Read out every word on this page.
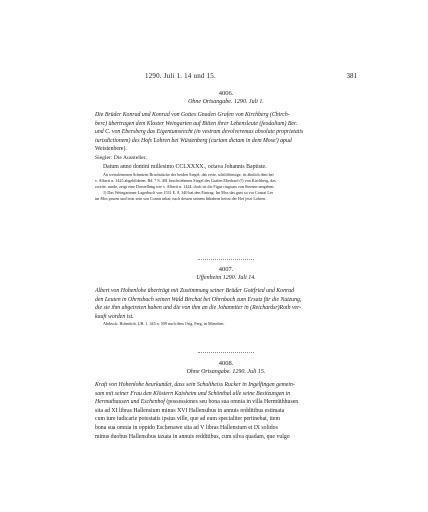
1290. Juli 1. 14 und 15.	381
4006.
Ohne Ortsangabe. 1290. Juli 1.

Die Brüder Konrad und Konrad von Gottes Gnaden Grafen von Kirchberg (Chirch-

berc) übertragen dem Kloster Weingarten auf Bitten ihrer Lehensleute (feodalium) Ber.

und C. von Ebersberg das Eigentumsrecht (in vestram devolveremus absolute proprietatis

iurisdictionem) des Hofs Lohren bei Wüstenberg (curiam dictam in dem Mose') apud

Weistenbere).

Siegler: Die Aussteller.

Datum anno domini millesimo CCLXXXX., octava Johannis Baptiste.

An weissleinenen Schnüren Bruchstücke der beiden Siegel; das erste, schildförmige, ist ähnlich dem bei

v. Alberti n. 1425 abgebildeten, Bd. 7 S. 401 beschriebenen Siegel des Grafen Eberhard (!) von Kirchberg, das

zweite, runde, zeigt eine Darstellung wie v. Alberti n. 1424, doch ist die Figur ringsum von Sternen umgeben.

1) Das Weingartener Lagerbuch von 1531 E. 8, 340 hat den Eintrag: Im Mos das guet so vor Conrat Ler

im Mos pawen und ietzt sein son Conrat inhat; nach dessen seinem Inhabern heisst der Hof jetzt Lohren.

4007.
Uffenheim 1290. Juli 14.

Albert von Hohenlohe überträgt mit Zustimmung seiner Brüder Gottfried und Konrad

den Leuten in Ohrnsbach seinen Wald Birchat bei Ohrnbach zum Ersatz für die Nutzung,

die sie ihm abgetreten haben und die von ihm an die Johanniter in (Reichardsr)Roth ver-

kauft worden ist.

Abdruck: Hohenloh. UB. 1, 345 n. 509 nach dem Orig. Perg. in München.

4008.
Ohne Ortsangabe. 1290. Juli 15.

Kraft von Hohenlohe beurkundet, dass sein Schultheiss Rucker in Ingelfingen gemein-

sam mit seiner Frau den Klöstern Kaisheim und Schönthal alle seine Besitzungen in

Hermuthausen und Eschenhof (possessiones seu bona sua omnia in villa Hermüthhusen

sita ad XI libras Hallensium minus XVI Hallensibus in annuis redditibus estimata

cum iure iudicarie potestatis ipsius ville, que ad eum specialiter pertinebat, item

bona sua omnia in oppido Eschenawe sita ad V libras Hallensium et IX solidos

minus duobus Hallensibus taxata in annuis redditibus, cum silva quadam, que vulgo
